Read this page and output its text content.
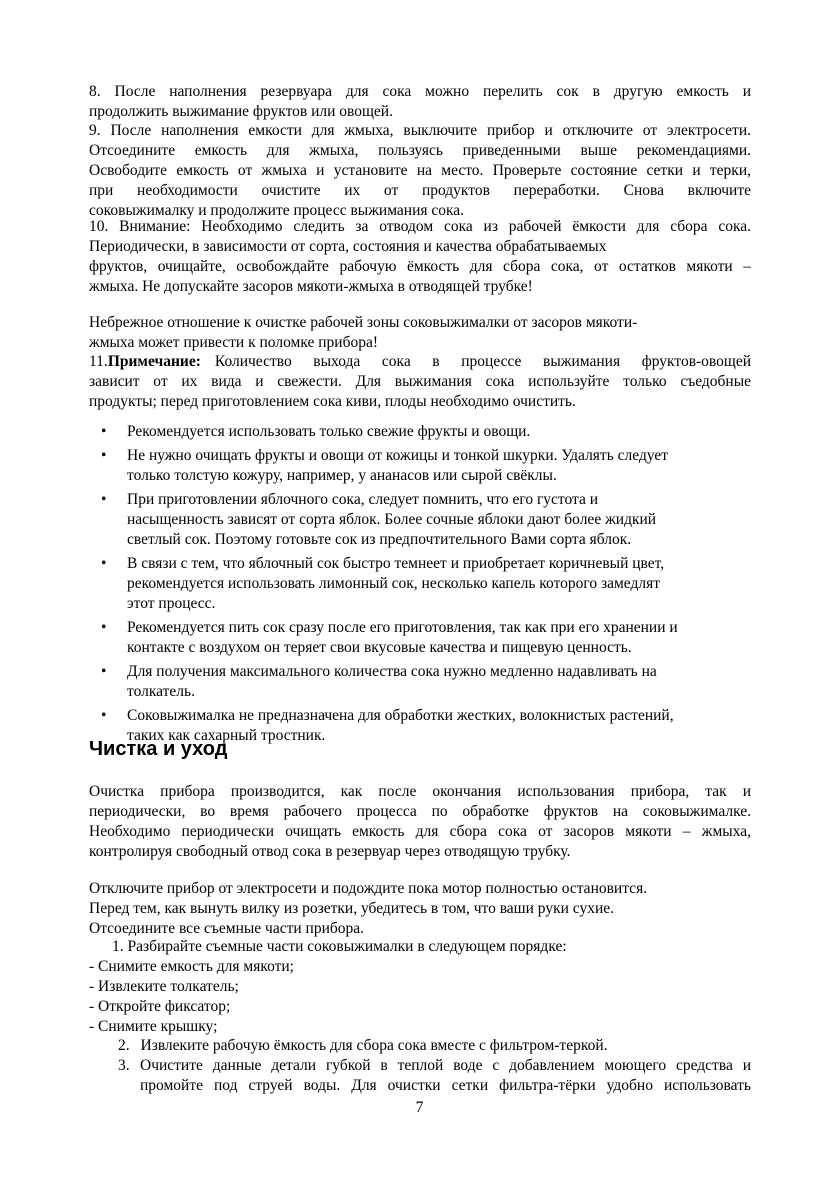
8. После наполнения резервуара для сока можно перелить сок в другую емкость и
продолжить выжимание фруктов или овощей.
9. После наполнения емкости для жмыха, выключите прибор и отключите от электросети.
Отсоедините емкость для жмыха, пользуясь приведенными выше рекомендациями.
Освободите емкость от жмыха и установите на место. Проверьте состояние сетки и терки,
при необходимости очистите их от продуктов переработки. Снова включите
соковыжималку и продолжите процесс выжимания сока.
10. Внимание: Необходимо следить за отводом сока из рабочей ёмкости для сбора сока.
Периодически, в зависимости от сорта, состояния и качества обрабатываемых
фруктов, очищайте, освобождайте рабочую ёмкость для сбора сока, от остатков мякоти –
жмыха. Не допускайте засоров мякоти-жмыха в отводящей трубке!
Небрежное отношение к очистке рабочей зоны соковыжималки от засоров мякоти-
жмыха может привести к поломке прибора!
11. Примечание: Количество выхода сока в процессе выжимания фруктов-овощей
зависит от их вида и свежести. Для выжимания сока используйте только съедобные
продукты; перед приготовлением сока киви, плоды необходимо очистить.
• Рекомендуется использовать только свежие фрукты и овощи.
• Не нужно очищать фрукты и овощи от кожицы и тонкой шкурки. Удалять следует
только толстую кожуру, например, у ананасов или сырой свёклы.
• При приготовлении яблочного сока, следует помнить, что его густота и
насыщенность зависят от сорта яблок. Более сочные яблоки дают более жидкий
светлый сок. Поэтому готовьте сок из предпочтительного Вами сорта яблок.
• В связи с тем, что яблочный сок быстро темнеет и приобретает коричневый цвет,
рекомендуется использовать лимонный сок, несколько капель которого замедлят
этот процесс.
• Рекомендуется пить сок сразу после его приготовления, так как при его хранении и
контакте с воздухом он теряет свои вкусовые качества и пищевую ценность.
• Для получения максимального количества сока нужно медленно надавливать на
толкатель.
• Соковыжималка не предназначена для обработки жестких, волокнистых растений,
таких как сахарный тростник.
Чистка и уход
Очистка прибора производится, как после окончания использования прибора, так и
периодически, во время рабочего процесса по обработке фруктов на соковыжималке.
Необходимо периодически очищать емкость для сбора сока от засоров мякоти – жмыха,
контролируя свободный отвод сока в резервуар через отводящую трубку.
Отключите прибор от электросети и подождите пока мотор полностью остановится.
Перед тем, как вынуть вилку из розетки, убедитесь в том, что ваши руки сухие.
Отсоедините все съемные части прибора.
1. Разбирайте съемные части соковыжималки в следующем порядке:
- Снимите емкость для мякоти;
- Извлеките толкатель;
- Откройте фиксатор;
- Снимите крышку;
2. Извлеките рабочую ёмкость для сбора сока вместе с фильтром-теркой.
3. Очистите данные детали губкой в теплой воде с добавлением моющего средства и
промойте под струей воды. Для очистки сетки фильтра-тёрки удобно использовать
7
